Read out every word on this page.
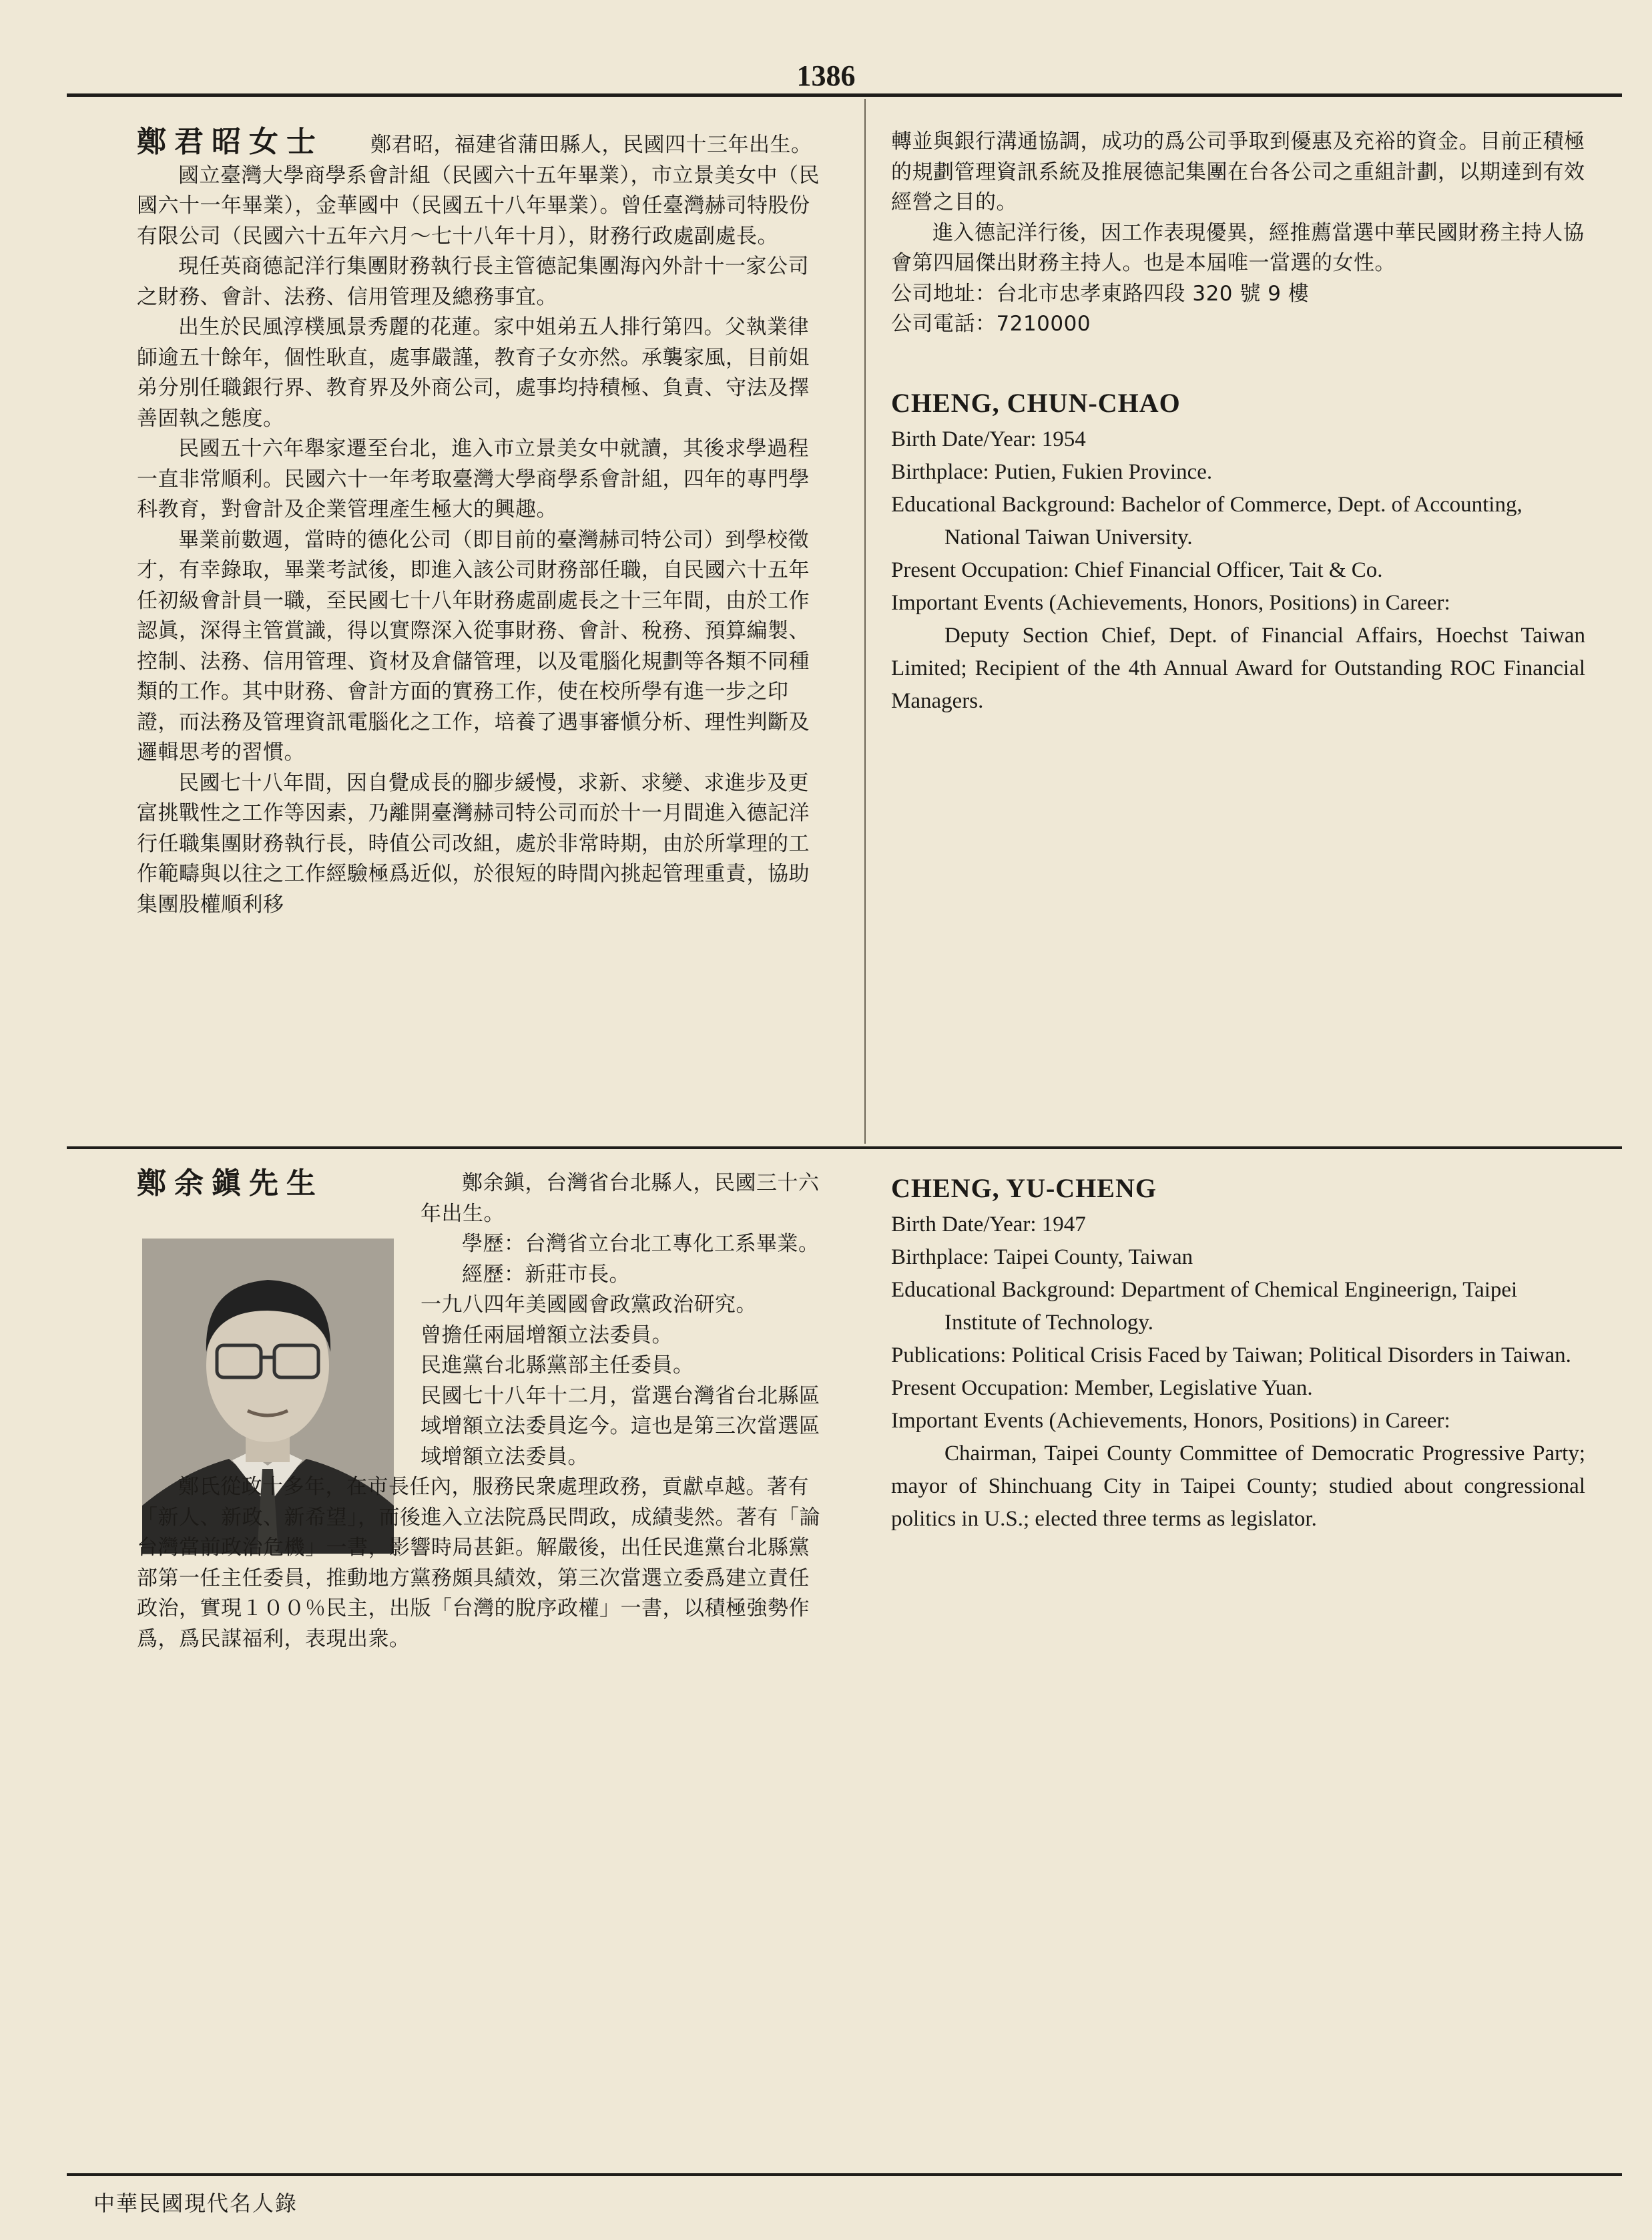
1386

鄭君昭女士 鄭君昭，福建省蒲田縣人，民國四十三年出生。

國立臺灣大學商學系會計組（民國六十五年畢業），市立景美女中（民國六十一年畢業），金華國中（民國五十八年畢業）。曾任臺灣赫司特股份有限公司（民國六十五年六月～七十八年十月），財務行政處副處長。

現任英商德記洋行集團財務執行長主管德記集團海內外計十一家公司之財務、會計、法務、信用管理及總務事宜。

出生於民風淳樸風景秀麗的花蓮。家中姐弟五人排行第四。父執業律師逾五十餘年，個性耿直，處事嚴謹，教育子女亦然。承襲家風，目前姐弟分別任職銀行界、教育界及外商公司，處事均持積極、負責、守法及擇善固執之態度。

民國五十六年舉家遷至台北，進入市立景美女中就讀，其後求學過程一直非常順利。民國六十一年考取臺灣大學商學系會計組，四年的專門學科教育，對會計及企業管理產生極大的興趣。

畢業前數週，當時的德化公司（即目前的臺灣赫司特公司）到學校徵才，有幸錄取，畢業考試後，即進入該公司財務部任職，自民國六十五年任初級會計員一職，至民國七十八年財務處副處長之十三年間，由於工作認眞，深得主管賞識，得以實際深入從事財務、會計、稅務、預算編製、控制、法務、信用管理、資材及倉儲管理，以及電腦化規劃等各類不同種類的工作。其中財務、會計方面的實務工作，使在校所學有進一步之印證，而法務及管理資訊電腦化之工作，培養了遇事審愼分析、理性判斷及邏輯思考的習慣。

民國七十八年間，因自覺成長的腳步緩慢，求新、求變、求進步及更富挑戰性之工作等因素，乃離開臺灣赫司特公司而於十一月間進入德記洋行任職集團財務執行長，時值公司改組，處於非常時期，由於所掌理的工作範疇與以往之工作經驗極爲近似，於很短的時間內挑起管理重責，協助集團股權順利移

轉並與銀行溝通協調，成功的爲公司爭取到優惠及充裕的資金。目前正積極的規劃管理資訊系統及推展德記集團在台各公司之重組計劃，以期達到有效經營之目的。

進入德記洋行後，因工作表現優異，經推薦當選中華民國財務主持人協會第四屆傑出財務主持人。也是本屆唯一當選的女性。

公司地址：台北市忠孝東路四段 320 號 9 樓

公司電話：7210000

CHENG, CHUN-CHAO

Birth Date/Year: 1954

Birthplace: Putien, Fukien Province.

Educational Background: Bachelor of Commerce, Dept. of Accounting, National Taiwan University.

Present Occupation: Chief Financial Officer, Tait & Co.

Important Events (Achievements, Honors, Positions) in Career:

Deputy Section Chief, Dept. of Financial Affairs, Hoechst Taiwan Limited; Recipient of the 4th Annual Award for Outstanding ROC Financial Managers.

鄭余鎭先生	鄭余鎭，台灣省台北縣人，民國三十六年出生。

學歷：台灣省立台北工專化工系畢業。

經歷：新莊市長。

一九八四年美國國會政黨政治研究。

曾擔任兩屆增額立法委員。

民進黨台北縣黨部主任委員。

民國七十八年十二月，當選台灣省台北縣區域增額立法委員迄今。這也是第三次當選區域增額立法委員。

鄭氏從政十多年，在市長任內，服務民衆處理政務，貢獻卓越。著有「新人、新政、新希望」，而後進入立法院爲民問政，成績斐然。著有「論台灣當前政治危機」一書，影響時局甚鉅。解嚴後，出任民進黨台北縣黨部第一任主任委員，推動地方黨務頗具績效，第三次當選立委爲建立責任政治，實現１００％民主，出版「台灣的脫序政權」一書，以積極強勢作爲，爲民謀福利，表現出衆。

CHENG, YU-CHENG

Birth Date/Year: 1947

Birthplace: Taipei County, Taiwan

Educational Background: Department of Chemical Engineerign, Taipei Institute of Technology.

Publications: Political Crisis Faced by Taiwan; Political Disorders in Taiwan.

Present Occupation: Member, Legislative Yuan.

Important Events (Achievements, Honors, Positions) in Career:

Chairman, Taipei County Committee of Democratic Progressive Party; mayor of Shinchuang City in Taipei County; studied about congressional politics in U.S.; elected three terms as legislator.

中華民國現代名人錄
